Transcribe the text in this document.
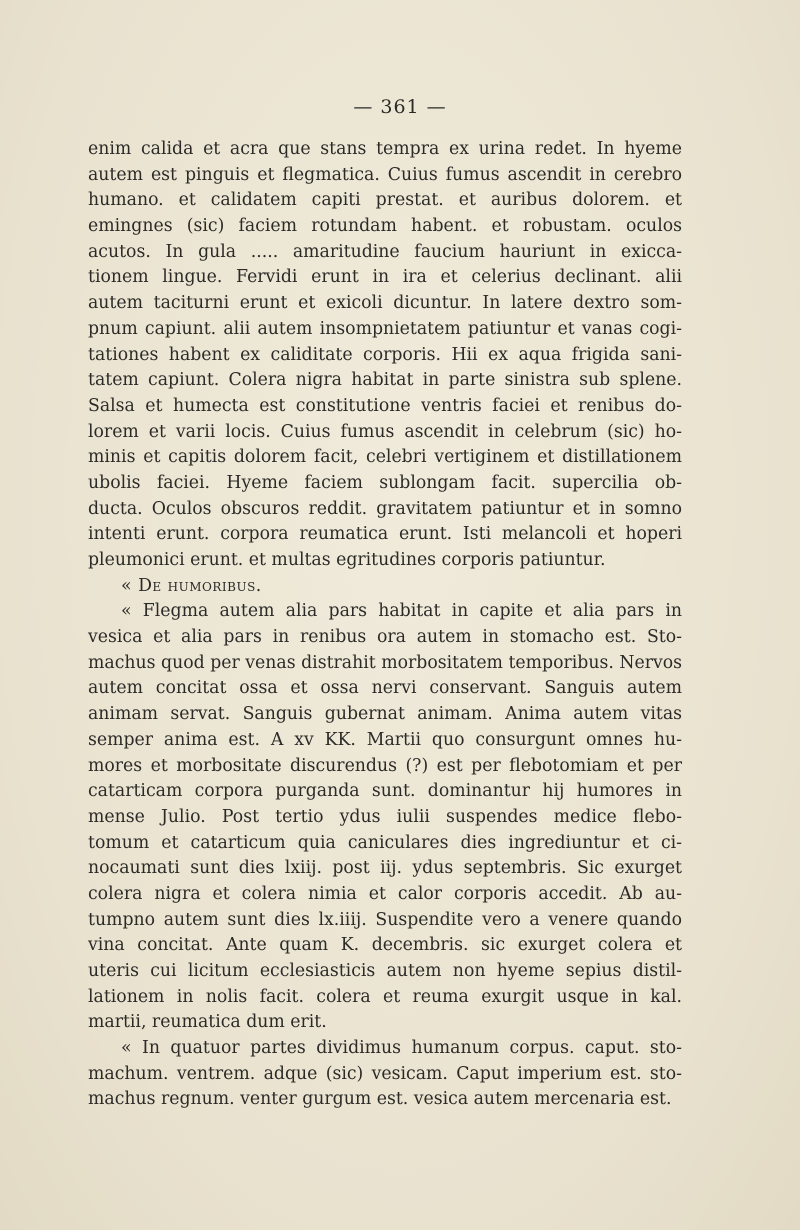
— 361 —
enim calida et acra que stans tempra ex urina redet. In hyeme
autem est pinguis et flegmatica. Cuius fumus ascendit in cerebro
humano. et calidatem capiti prestat. et auribus dolorem. et
emingnes (sic) faciem rotundam habent. et robustam. oculos
acutos. In gula ..... amaritudine faucium hauriunt in exicca-
tionem lingue. Fervidi erunt in ira et celerius declinant. alii
autem taciturni erunt et exicoli dicuntur. In latere dextro som-
pnum capiunt. alii autem insompnietatem patiuntur et vanas cogi-
tationes habent ex caliditate corporis. Hii ex aqua frigida sani-
tatem capiunt. Colera nigra habitat in parte sinistra sub splene.
Salsa et humecta est constitutione ventris faciei et renibus do-
lorem et varii locis. Cuius fumus ascendit in celebrum (sic) ho-
minis et capitis dolorem facit, celebri vertiginem et distillationem
ubolis faciei. Hyeme faciem sublongam facit. supercilia ob-
ducta. Oculos obscuros reddit. gravitatem patiuntur et in somno
intenti erunt. corpora reumatica erunt. Isti melancoli et hoperi
pleumonici erunt. et multas egritudines corporis patiuntur.
« De humoribus.
« Flegma autem alia pars habitat in capite et alia pars in
vesica et alia pars in renibus ora autem in stomacho est. Sto-
machus quod per venas distrahit morbositatem temporibus. Nervos
autem concitat ossa et ossa nervi conservant. Sanguis autem
animam servat. Sanguis gubernat animam. Anima autem vitas
semper anima est. A xv KK. Martii quo consurgunt omnes hu-
mores et morbositate discurendus (?) est per flebotomiam et per
catarticam corpora purganda sunt. dominantur hij humores in
mense Julio. Post tertio ydus iulii suspendes medice flebo-
tomum et catarticum quia caniculares dies ingrediuntur et ci-
nocaumati sunt dies lxiij. post iij. ydus septembris. Sic exurget
colera nigra et colera nimia et calor corporis accedit. Ab au-
tumpno autem sunt dies lx.iiij. Suspendite vero a venere quando
vina concitat. Ante quam K. decembris. sic exurget colera et
uteris cui licitum ecclesiasticis autem non hyeme sepius distil-
lationem in nolis facit. colera et reuma exurgit usque in kal.
martii, reumatica dum erit.
« In quatuor partes dividimus humanum corpus. caput. sto-
machum. ventrem. adque (sic) vesicam. Caput imperium est. sto-
machus regnum. venter gurgum est. vesica autem mercenaria est.
